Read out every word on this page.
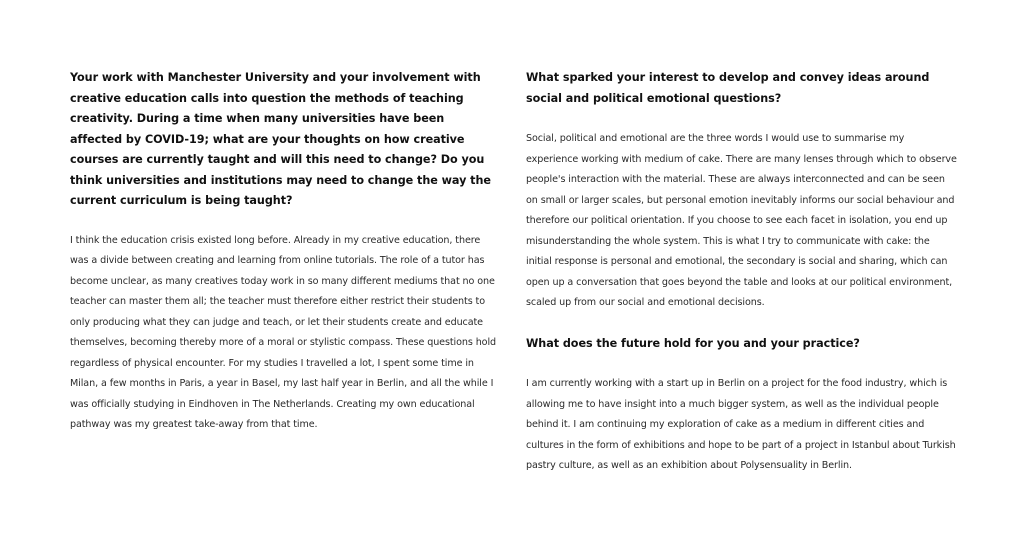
Your work with Manchester University and your involvement with creative education calls into question the methods of teaching creativity. During a time when many universities have been affected by COVID-19; what are your thoughts on how creative courses are currently taught and will this need to change? Do you think universities and institutions may need to change the way the current curriculum is being taught?

I think the education crisis existed long before. Already in my creative education, there was a divide between creating and learning from online tutorials. The role of a tutor has become unclear, as many creatives today work in so many different mediums that no one teacher can master them all; the teacher must therefore either restrict their students to only producing what they can judge and teach, or let their students create and educate themselves, becoming thereby more of a moral or stylistic compass. These questions hold regardless of physical encounter. For my studies I travelled a lot, I spent some time in Milan, a few months in Paris, a year in Basel, my last half year in Berlin, and all the while I was officially studying in Eindhoven in The Netherlands. Creating my own educational pathway was my greatest take-away from that time.

What sparked your interest to develop and convey ideas around social and political emotional questions?

Social, political and emotional are the three words I would use to summarise my experience working with medium of cake. There are many lenses through which to observe people's interaction with the material. These are always interconnected and can be seen on small or larger scales, but personal emotion inevitably informs our social behaviour and therefore our political orientation. If you choose to see each facet in isolation, you end up misunderstanding the whole system. This is what I try to communicate with cake: the initial response is personal and emotional, the secondary is social and sharing, which can open up a conversation that goes beyond the table and looks at our political environment, scaled up from our social and emotional decisions.

What does the future hold for you and your practice?

I am currently working with a start up in Berlin on a project for the food industry, which is allowing me to have insight into a much bigger system, as well as the individual people behind it. I am continuing my exploration of cake as a medium in different cities and cultures in the form of exhibitions and hope to be part of a project in Istanbul about Turkish pastry culture, as well as an exhibition about Polysensuality in Berlin.
